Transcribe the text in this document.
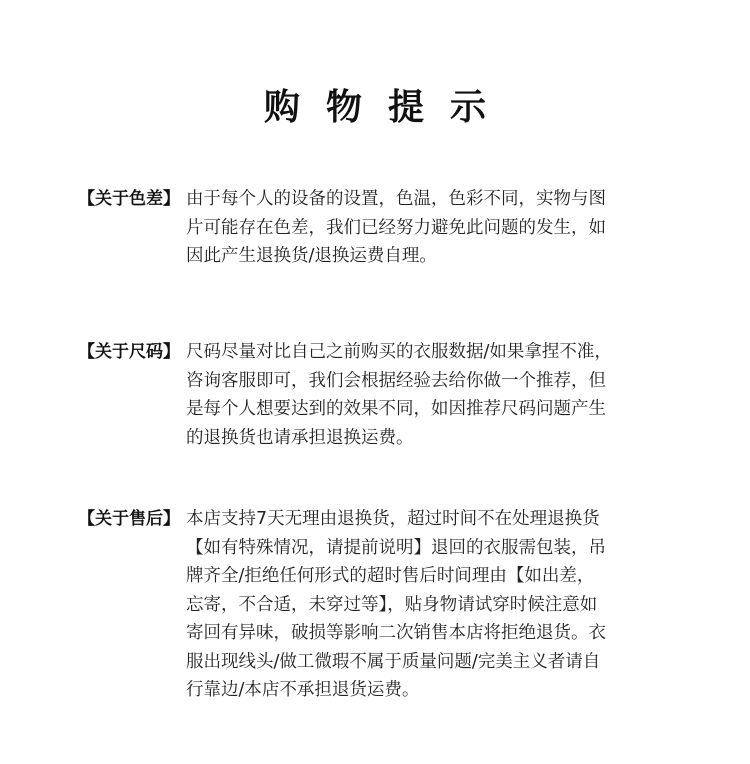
购物提示
【关于色差】 由于每个人的设备的设置，色温，色彩不同，实物与图
片可能存在色差，我们已经努力避免此问题的发生，如
因此产生退换货/退换运费自理。
【关于尺码】 尺码尽量对比自己之前购买的衣服数据/如果拿捏不准，
咨询客服即可，我们会根据经验去给你做一个推荐，但
是每个人想要达到的效果不同，如因推荐尺码问题产生
的退换货也请承担退换运费。
【关于售后】 本店支持7天无理由退换货，超过时间不在处理退换货
【如有特殊情况，请提前说明】退回的衣服需包装，吊
牌齐全/拒绝任何形式的超时售后时间理由【如出差，
忘寄，不合适，未穿过等】，贴身物请试穿时候注意如
寄回有异味，破损等影响二次销售本店将拒绝退货。衣
服出现线头/做工微瑕不属于质量问题/完美主义者请自
行靠边/本店不承担退货运费。
